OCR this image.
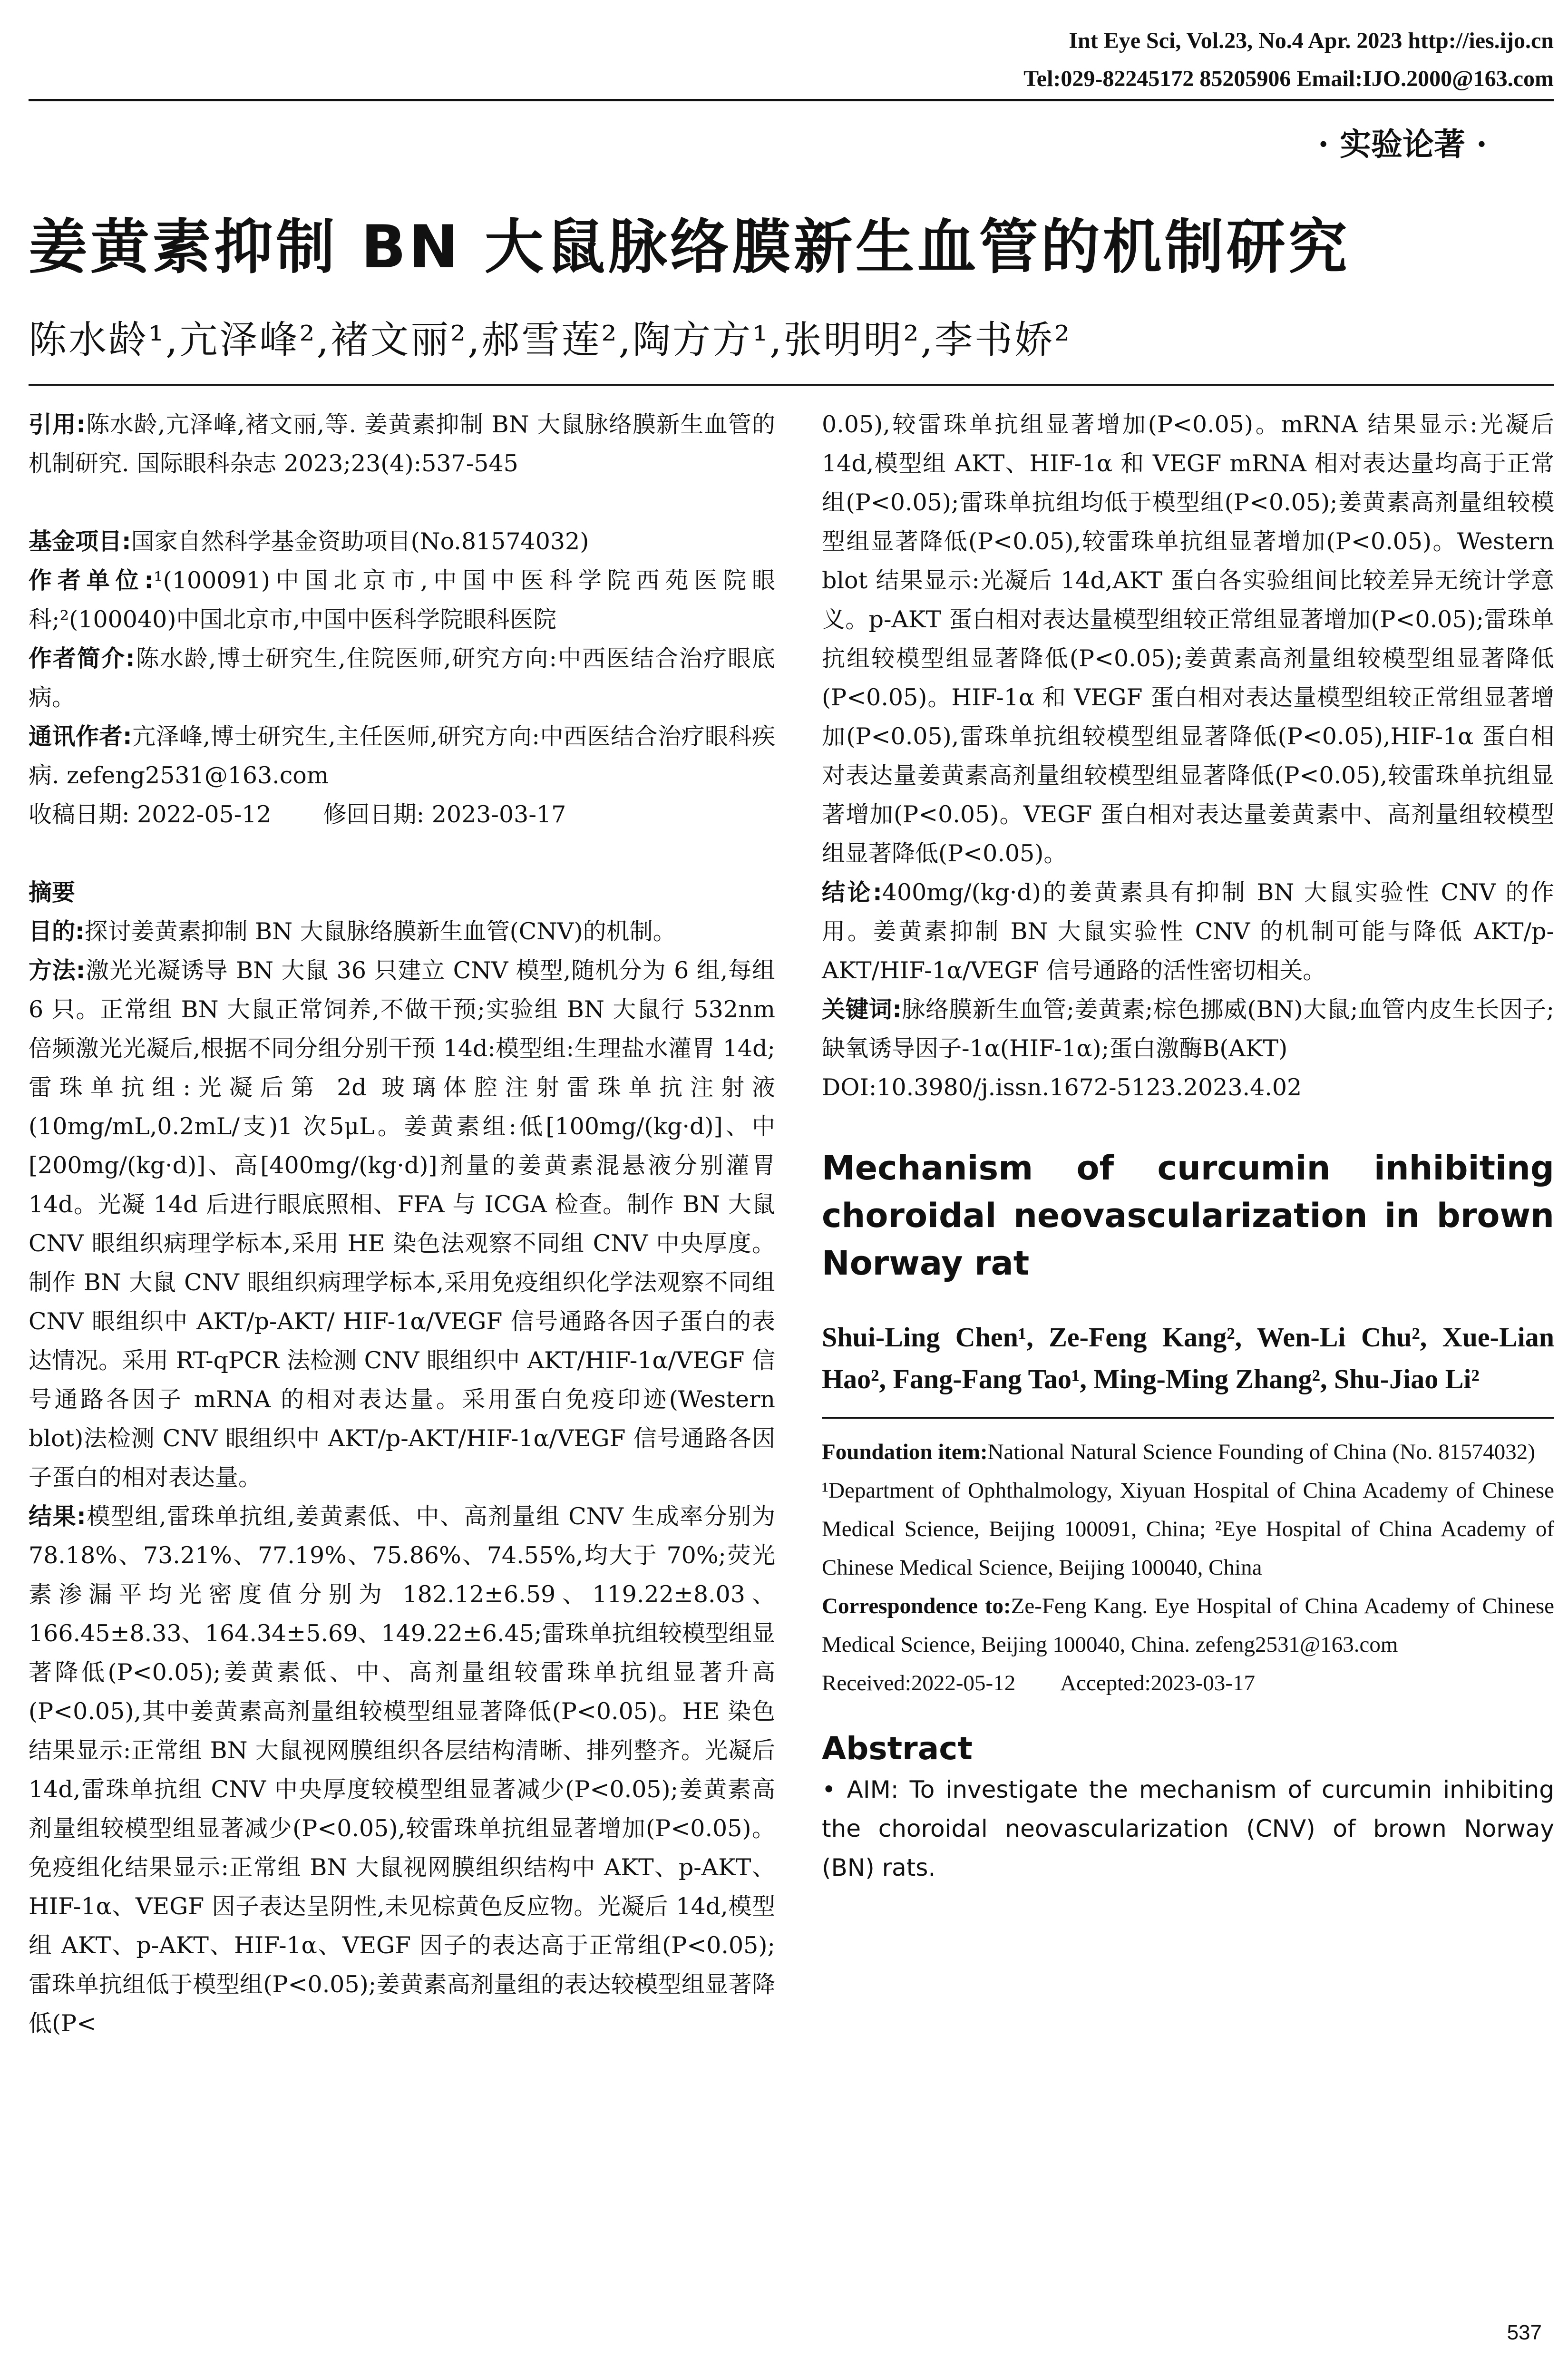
Int Eye Sci, Vol.23, No.4 Apr. 2023 http://ies.ijo.cn
Tel:029-82245172 85205906 Email:IJO.2000@163.com
· 实验论著 ·
姜黄素抑制 BN 大鼠脉络膜新生血管的机制研究
陈水龄¹,亢泽峰²,褚文丽²,郝雪莲²,陶方方¹,张明明²,李书娇²

引用:陈水龄,亢泽峰,褚文丽,等. 姜黄素抑制 BN 大鼠脉络膜新生血管的机制研究. 国际眼科杂志 2023;23(4):537-545

基金项目:国家自然科学基金资助项目(No.81574032)

作者单位:¹(100091)中国北京市,中国中医科学院西苑医院眼科;²(100040)中国北京市,中国中医科学院眼科医院

作者简介:陈水龄,博士研究生,住院医师,研究方向:中西医结合治疗眼底病。

通讯作者:亢泽峰,博士研究生,主任医师,研究方向:中西医结合治疗眼科疾病. zefeng2531@163.com

收稿日期: 2022-05-12 修回日期: 2023-03-17

摘要

目的:探讨姜黄素抑制 BN 大鼠脉络膜新生血管(CNV)的机制。

方法:激光光凝诱导 BN 大鼠 36 只建立 CNV 模型,随机分为 6 组,每组 6 只。正常组 BN 大鼠正常饲养,不做干预;实验组 BN 大鼠行 532nm 倍频激光光凝后,根据不同分组分别干预 14d:模型组:生理盐水灌胃 14d;雷珠单抗组:光凝后第 2d 玻璃体腔注射雷珠单抗注射液(10mg/mL,0.2mL/支)1 次5μL。姜黄素组:低[100mg/(kg·d)]、中[200mg/(kg·d)]、高[400mg/(kg·d)]剂量的姜黄素混悬液分别灌胃 14d。光凝 14d 后进行眼底照相、FFA 与 ICGA 检查。制作 BN 大鼠 CNV 眼组织病理学标本,采用 HE 染色法观察不同组 CNV 中央厚度。制作 BN 大鼠 CNV 眼组织病理学标本,采用免疫组织化学法观察不同组 CNV 眼组织中 AKT/p-AKT/ HIF-1α/VEGF 信号通路各因子蛋白的表达情况。采用 RT-qPCR 法检测 CNV 眼组织中 AKT/HIF-1α/VEGF 信号通路各因子 mRNA 的相对表达量。采用蛋白免疫印迹(Western blot)法检测 CNV 眼组织中 AKT/p-AKT/HIF-1α/VEGF 信号通路各因子蛋白的相对表达量。

结果:模型组,雷珠单抗组,姜黄素低、中、高剂量组 CNV 生成率分别为 78.18%、73.21%、77.19%、75.86%、74.55%,均大于 70%;荧光素渗漏平均光密度值分别为 182.12±6.59、119.22±8.03、166.45±8.33、164.34±5.69、149.22±6.45;雷珠单抗组较模型组显著降低(P<0.05);姜黄素低、中、高剂量组较雷珠单抗组显著升高(P<0.05),其中姜黄素高剂量组较模型组显著降低(P<0.05)。HE 染色结果显示:正常组 BN 大鼠视网膜组织各层结构清晰、排列整齐。光凝后 14d,雷珠单抗组 CNV 中央厚度较模型组显著减少(P<0.05);姜黄素高剂量组较模型组显著减少(P<0.05),较雷珠单抗组显著增加(P<0.05)。免疫组化结果显示:正常组 BN 大鼠视网膜组织结构中 AKT、p-AKT、HIF-1α、VEGF 因子表达呈阴性,未见棕黄色反应物。光凝后 14d,模型组 AKT、p-AKT、HIF-1α、VEGF 因子的表达高于正常组(P<0.05);雷珠单抗组低于模型组(P<0.05);姜黄素高剂量组的表达较模型组显著降低(P<

0.05),较雷珠单抗组显著增加(P<0.05)。mRNA 结果显示:光凝后 14d,模型组 AKT、HIF-1α 和 VEGF mRNA 相对表达量均高于正常组(P<0.05);雷珠单抗组均低于模型组(P<0.05);姜黄素高剂量组较模型组显著降低(P<0.05),较雷珠单抗组显著增加(P<0.05)。Western blot 结果显示:光凝后 14d,AKT 蛋白各实验组间比较差异无统计学意义。p-AKT 蛋白相对表达量模型组较正常组显著增加(P<0.05);雷珠单抗组较模型组显著降低(P<0.05);姜黄素高剂量组较模型组显著降低(P<0.05)。HIF-1α 和 VEGF 蛋白相对表达量模型组较正常组显著增加(P<0.05),雷珠单抗组较模型组显著降低(P<0.05),HIF-1α 蛋白相对表达量姜黄素高剂量组较模型组显著降低(P<0.05),较雷珠单抗组显著增加(P<0.05)。VEGF 蛋白相对表达量姜黄素中、高剂量组较模型组显著降低(P<0.05)。

结论:400mg/(kg·d)的姜黄素具有抑制 BN 大鼠实验性 CNV 的作用。姜黄素抑制 BN 大鼠实验性 CNV 的机制可能与降低 AKT/p-AKT/HIF-1α/VEGF 信号通路的活性密切相关。

关键词:脉络膜新生血管;姜黄素;棕色挪威(BN)大鼠;血管内皮生长因子;缺氧诱导因子-1α(HIF-1α);蛋白激酶B(AKT)

DOI:10.3980/j.issn.1672-5123.2023.4.02

Mechanism of curcumin inhibiting choroidal neovascularization in brown Norway rat
Shui-Ling Chen¹, Ze-Feng Kang², Wen-Li Chu², Xue-Lian Hao², Fang-Fang Tao¹, Ming-Ming Zhang², Shu-Jiao Li²

Foundation item:National Natural Science Founding of China (No. 81574032)

¹Department of Ophthalmology, Xiyuan Hospital of China Academy of Chinese Medical Science, Beijing 100091, China; ²Eye Hospital of China Academy of Chinese Medical Science, Beijing 100040, China

Correspondence to:Ze-Feng Kang. Eye Hospital of China Academy of Chinese Medical Science, Beijing 100040, China. zefeng2531@163.com

Received:2022-05-12 Accepted:2023-03-17

Abstract
• AIM: To investigate the mechanism of curcumin inhibiting the choroidal neovascularization (CNV) of brown Norway (BN) rats.
537
